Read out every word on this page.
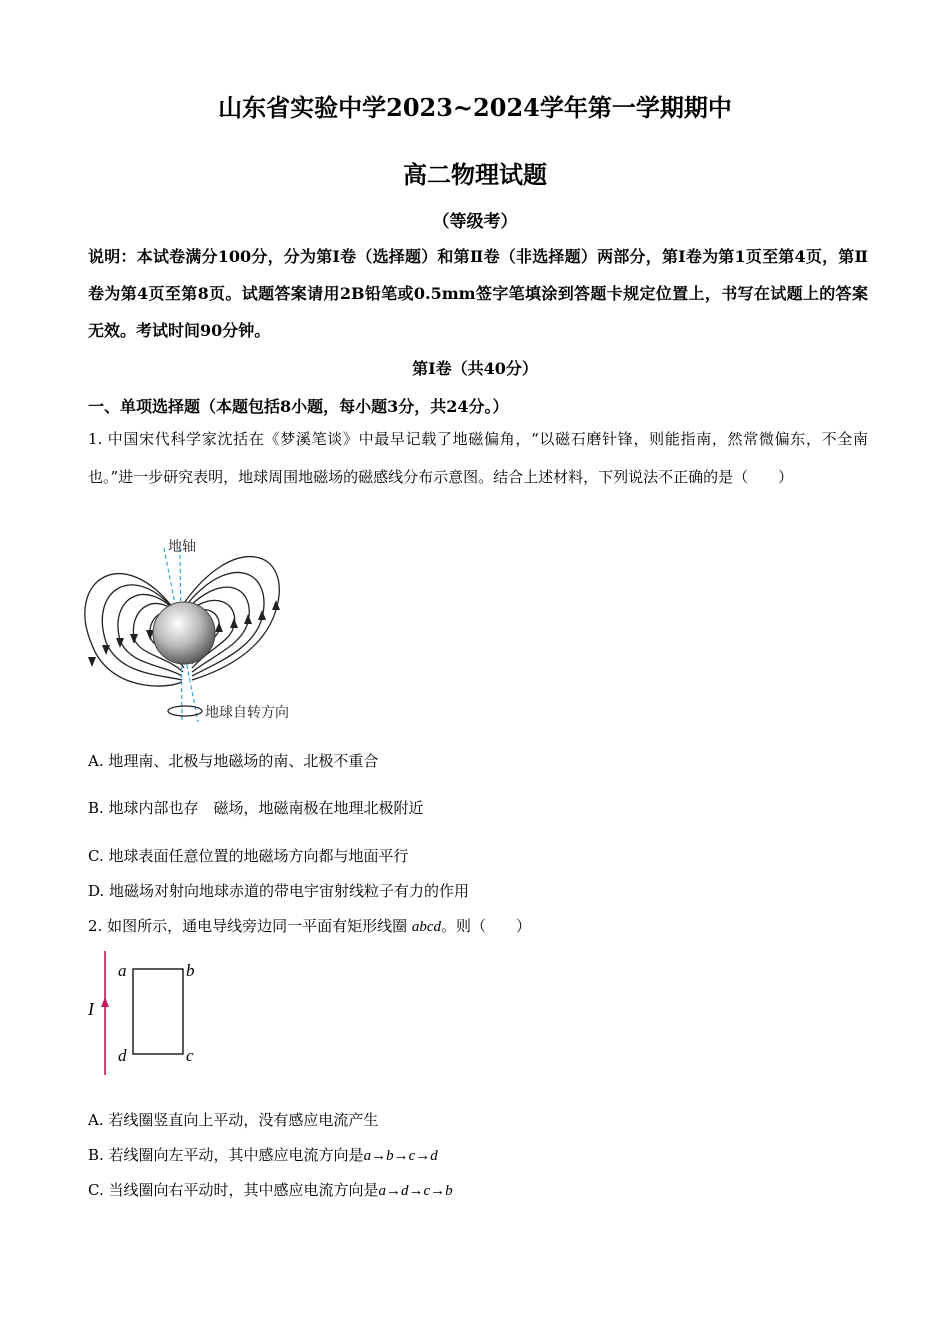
山东省实验中学2023~2024学年第一学期期中
高二物理试题
（等级考）
说明：本试卷满分100分，分为第Ⅰ卷（选择题）和第Ⅱ卷（非选择题）两部分，第Ⅰ卷为第1页至第4页，第Ⅱ卷为第4页至第8页。试题答案请用2B铅笔或0.5mm签字笔填涂到答题卡规定位置上，书写在试题上的答案无效。考试时间90分钟。
第Ⅰ卷（共40分）
一、单项选择题（本题包括8小题，每小题3分，共24分。）
1. 中国宋代科学家沈括在《梦溪笔谈》中最早记载了地磁偏角，“以磁石磨针锋，则能指南，然常微偏东，不全南也。”进一步研究表明，地球周围地磁场的磁感线分布示意图。结合上述材料，下列说法不正确的是（　　）
地轴
地球自转方向
A. 地理南、北极与地磁场的南、北极不重合
B. 地球内部也存　磁场，地磁南极在地理北极附近
C. 地球表面任意位置的地磁场方向都与地面平行
D. 地磁场对射向地球赤道的带电宇宙射线粒子有力的作用
2. 如图所示，通电导线旁边同一平面有矩形线圈 abcd。则（　　）
I
a	b
c
d
A. 若线圈竖直向上平动，没有感应电流产生
B. 若线圈向左平动，其中感应电流方向是a→b→c→d
C. 当线圈向右平动时，其中感应电流方向是a→d→c→b
